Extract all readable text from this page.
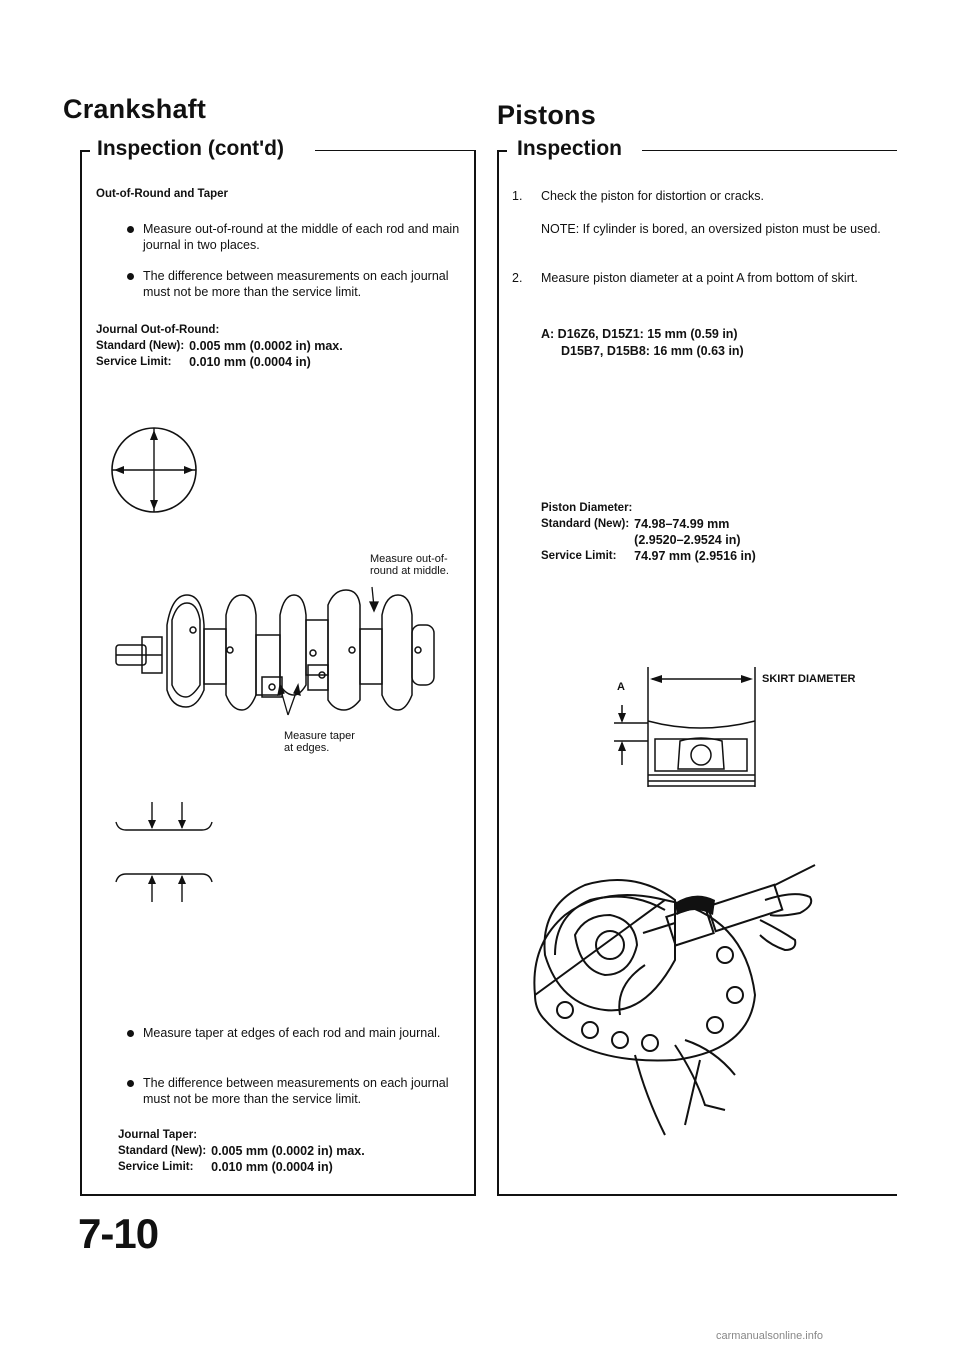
Crankshaft
Inspection (cont'd)
Out-of-Round and Taper
Measure out-of-round at the middle of each rod and main journal in two places.
The difference between measurements on each journal must not be more than the service limit.
Journal Out-of-Round:
Standard (New):	0.005 mm (0.0002 in) max.
Service Limit:	0.010 mm (0.0004 in)
Measure out-of-round at middle.
Measure taper at edges.
Measure taper at edges of each rod and main journal.
The difference between measurements on each journal must not be more than the service limit.
Journal Taper:
Standard (New):	0.005 mm (0.0002 in) max.
Service Limit:	0.010 mm (0.0004 in)
Pistons
Inspection
1. Check the piston for distortion or cracks.
NOTE: If cylinder is bored, an oversized piston must be used.
2. Measure piston diameter at a point A from bottom of skirt.
A: D16Z6, D15Z1: 15 mm (0.59 in)
D15B7, D15B8: 16 mm (0.63 in)
Piston Diameter:
Standard (New):	74.98–74.99 mm
	(2.9520–2.9524 in)
Service Limit:	74.97 mm (2.9516 in)
A
SKIRT DIAMETER
7-10
carmanualsonline.info
